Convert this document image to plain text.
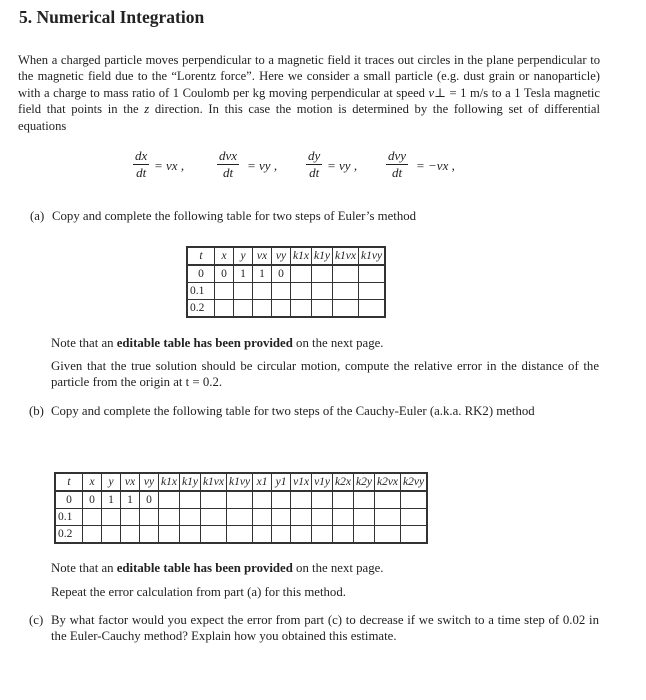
5. Numerical Integration
When a charged particle moves perpendicular to a magnetic field it traces out circles in the plane perpendicular to the magnetic field due to the “Lorentz force”. Here we consider a small particle (e.g. dust grain or nanoparticle) with a charge to mass ratio of 1 Coulomb per kg moving perpendicular at speed v⊥ = 1 m/s to a 1 Tesla magnetic field that points in the z direction. In this case the motion is determined by the following set of differential equations
$\frac{dx}{dt}$ = vx ,
dvx
dt	= vy , $\frac{dy}{dt}$ = vy ,
dvy
dt	= −vx ,
(a) Copy and complete the following table for two steps of Euler’s method
t	x	y	vx	vy	k1x	k1y	k1vx	k1vy
0	0	1	1	0				
0.1								
0.2								
Note that an editable table has been provided on the next page.
Given that the true solution should be circular motion, compute the relative error in the distance of the particle from the origin at t = 0.2.
(b) Copy and complete the following table for two steps of the Cauchy-Euler (a.k.a. RK2) method
t	x	y	vx	vy	k1x	k1y	k1vx	k1vy	x1	y1	v1x	v1y	k2x	k2y	k2vx	k2vy
0	0	1	1	0												
0.1																
0.2																
Note that an editable table has been provided on the next page.
Repeat the error calculation from part (a) for this method.
(c) By what factor would you expect the error from part (c) to decrease if we switch to a time step of 0.02 in the Euler-Cauchy method? Explain how you obtained this estimate.
